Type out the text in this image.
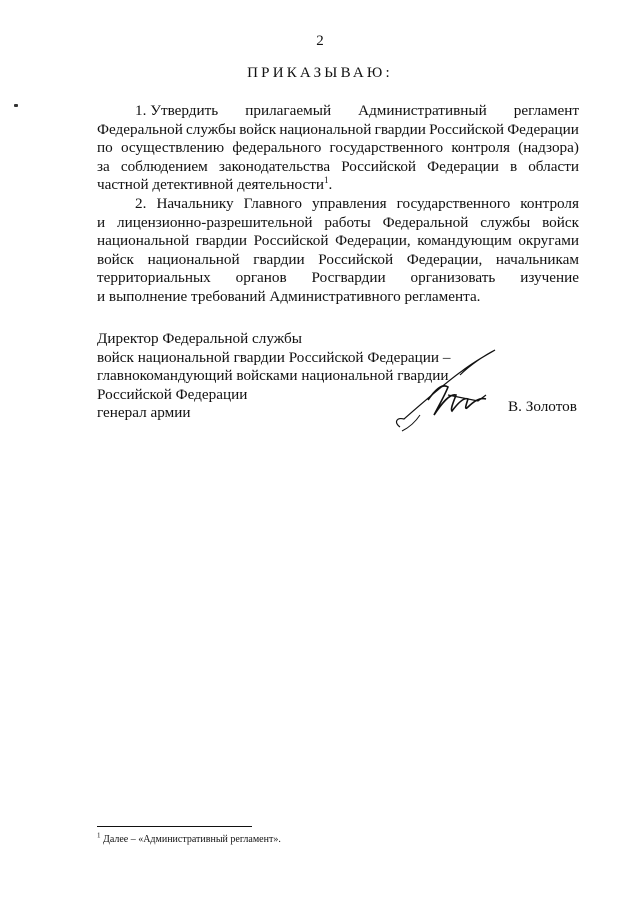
2
ПРИКАЗЫВАЮ:

1. Утвердить прилагаемый Административный регламент
Федеральной службы войск национальной гвардии Российской Федерации
по осуществлению федерального государственного контроля (надзора)
за соблюдением законодательства Российской Федерации в области
частной детективной деятельности$^1$.

2. Начальнику Главного управления государственного контроля
и лицензионно-разрешительной работы Федеральной службы войск
национальной гвардии Российской Федерации, командующим округами
войск национальной гвардии Российской Федерации, начальникам
территориальных органов Росгвардии организовать изучение
и выполнение требований Административного регламента.

Директор Федеральной службы
войск национальной гвардии Российской Федерации –
главнокомандующий войсками национальной гвардии
Российской Федерации
генерал армии	В. Золотов
$^1$ Далее – «Административный регламент».
